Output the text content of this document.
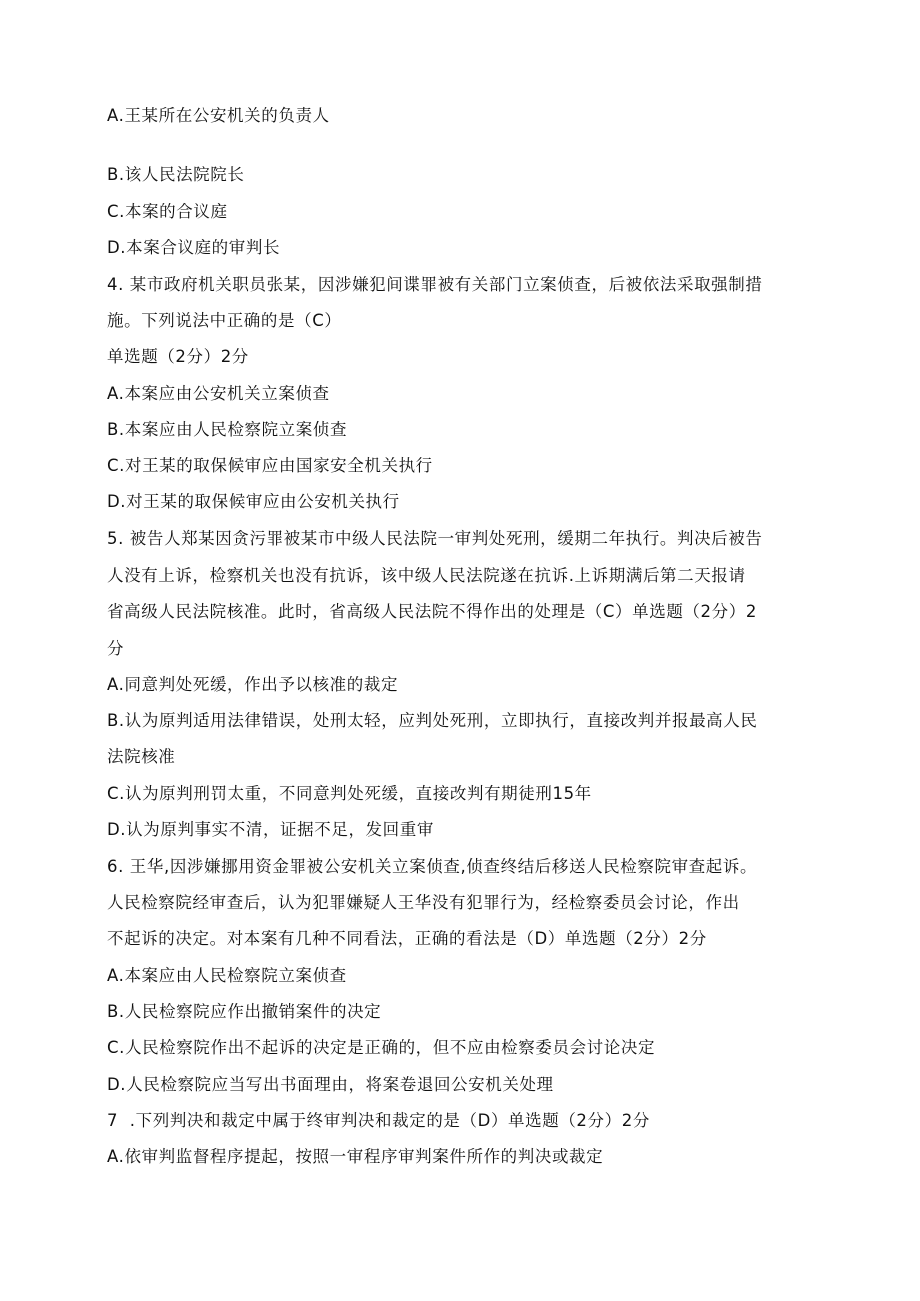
A.王某所在公安机关的负责人
B.该人民法院院长
C.本案的合议庭
D.本案合议庭的审判长
4. 某市政府机关职员张某，因涉嫌犯间谍罪被有关部门立案侦查，后被依法采取强制措
施。下列说法中正确的是（C）
单选题（2分）2分
A.本案应由公安机关立案侦查
B.本案应由人民检察院立案侦查
C.对王某的取保候审应由国家安全机关执行
D.对王某的取保候审应由公安机关执行
5. 被告人郑某因贪污罪被某市中级人民法院一审判处死刑，缓期二年执行。判决后被告
人没有上诉，检察机关也没有抗诉，该中级人民法院遂在抗诉.上诉期满后第二天报请
省高级人民法院核准。此时，省高级人民法院不得作出的处理是（C）单选题（2分）2
分
A.同意判处死缓，作出予以核准的裁定
B.认为原判适用法律错误，处刑太轻，应判处死刑，立即执行，直接改判并报最高人民
法院核准
C.认为原判刑罚太重，不同意判处死缓，直接改判有期徒刑15年
D.认为原判事实不清，证据不足，发回重审
6. 王华,因涉嫌挪用资金罪被公安机关立案侦查,侦查终结后移送人民检察院审查起诉。
人民检察院经审查后，认为犯罪嫌疑人王华没有犯罪行为，经检察委员会讨论，作出
不起诉的决定。对本案有几种不同看法，正确的看法是（D）单选题（2分）2分
A.本案应由人民检察院立案侦查
B.人民检察院应作出撤销案件的决定
C.人民检察院作出不起诉的决定是正确的，但不应由检察委员会讨论决定
D.人民检察院应当写出书面理由，将案卷退回公安机关处理
7  .下列判决和裁定中属于终审判决和裁定的是（D）单选题（2分）2分
A.依审判监督程序提起，按照一审程序审判案件所作的判决或裁定
